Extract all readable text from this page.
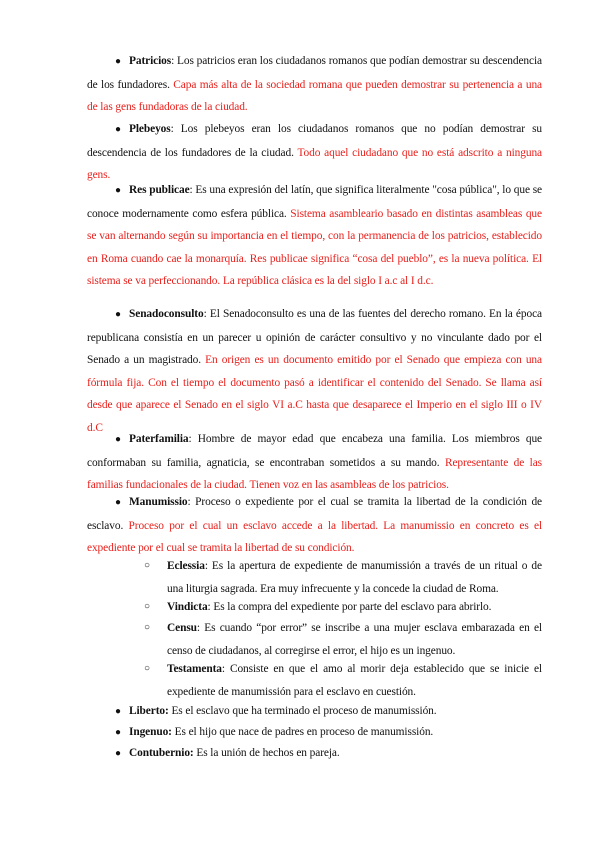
● Patricios: Los patricios eran los ciudadanos romanos que podían demostrar su descendencia de los fundadores. Capa más alta de la sociedad romana que pueden demostrar su pertenencia a una de las gens fundadoras de la ciudad.
● Plebeyos: Los plebeyos eran los ciudadanos romanos que no podían demostrar su descendencia de los fundadores de la ciudad. Todo aquel ciudadano que no está adscrito a ninguna gens.
● Res publicae: Es una expresión del latín, que significa literalmente "cosa pública", lo que se conoce modernamente como esfera pública. Sistema asambleario basado en distintas asambleas que se van alternando según su importancia en el tiempo, con la permanencia de los patricios, establecido en Roma cuando cae la monarquía. Res publicae significa “cosa del pueblo”, es la nueva política. El sistema se va perfeccionando. La república clásica es la del siglo I a.c al I d.c.
● Senadoconsulto: El Senadoconsulto es una de las fuentes del derecho romano. En la época republicana consistía en un parecer u opinión de carácter consultivo y no vinculante dado por el Senado a un magistrado. En origen es un documento emitido por el Senado que empieza con una fórmula fija. Con el tiempo el documento pasó a identificar el contenido del Senado. Se llama así desde que aparece el Senado en el siglo VI a.C hasta que desaparece el Imperio en el siglo III o IV d.C
● Paterfamilia: Hombre de mayor edad que encabeza una familia. Los miembros que conformaban su familia, agnaticia, se encontraban sometidos a su mando. Representante de las familias fundacionales de la ciudad. Tienen voz en las asambleas de los patricios.
● Manumissio: Proceso o expediente por el cual se tramita la libertad de la condición de esclavo. Proceso por el cual un esclavo accede a la libertad. La manumissio en concreto es el expediente por el cual se tramita la libertad de su condición.
○	Eclessia: Es la apertura de expediente de manumissión a través de un ritual o de una liturgia sagrada. Era muy infrecuente y la concede la ciudad de Roma.
○	Vindicta: Es la compra del expediente por parte del esclavo para abrirlo.
○	Censu: Es cuando “por error” se inscribe a una mujer esclava embarazada en el censo de ciudadanos, al corregirse el error, el hijo es un ingenuo.
○	Testamenta: Consiste en que el amo al morir deja establecido que se inicie el expediente de manumissión para el esclavo en cuestión.
● Liberto: Es el esclavo que ha terminado el proceso de manumissión.
● Ingenuo: Es el hijo que nace de padres en proceso de manumissión.
● Contubernio: Es la unión de hechos en pareja.
